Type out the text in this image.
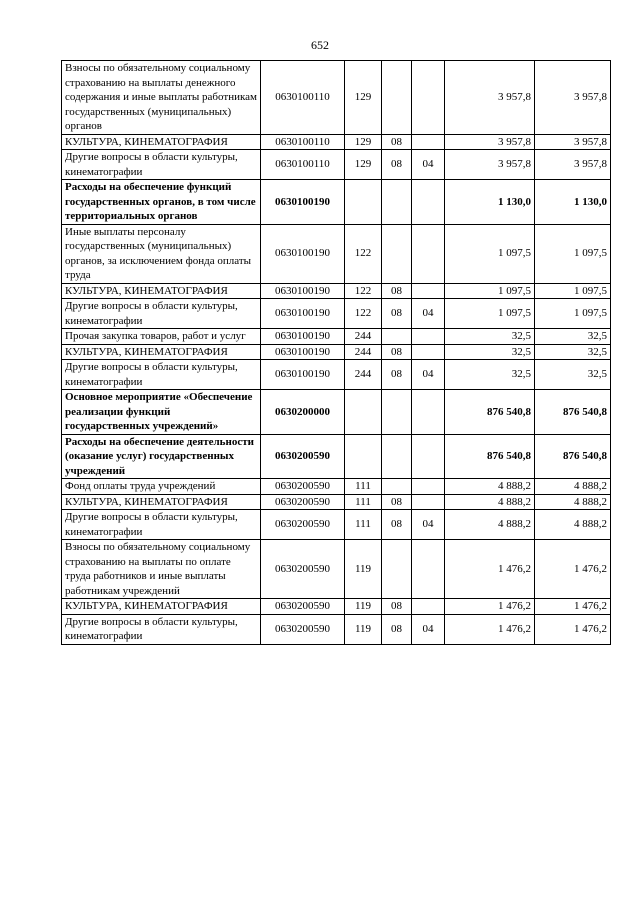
652
Взносы по обязательному социальному страхованию на выплаты денежного содержания и иные выплаты работникам государственных (муниципальных) органов	0630100110	129			3 957,8	3 957,8
КУЛЬТУРА, КИНЕМАТОГРАФИЯ	0630100110	129	08		3 957,8	3 957,8
Другие вопросы в области культуры, кинематографии	0630100110	129	08	04	3 957,8	3 957,8
Расходы на обеспечение функций государственных органов, в том числе территориальных органов	0630100190				1 130,0	1 130,0
Иные выплаты персоналу государственных (муниципальных) органов, за исключением фонда оплаты труда	0630100190	122			1 097,5	1 097,5
КУЛЬТУРА, КИНЕМАТОГРАФИЯ	0630100190	122	08		1 097,5	1 097,5
Другие вопросы в области культуры, кинематографии	0630100190	122	08	04	1 097,5	1 097,5
Прочая закупка товаров, работ и услуг	0630100190	244			32,5	32,5
КУЛЬТУРА, КИНЕМАТОГРАФИЯ	0630100190	244	08		32,5	32,5
Другие вопросы в области культуры, кинематографии	0630100190	244	08	04	32,5	32,5
Основное мероприятие «Обеспечение реализации функций государственных учреждений»	0630200000				876 540,8	876 540,8
Расходы на обеспечение деятельности (оказание услуг) государственных учреждений	0630200590				876 540,8	876 540,8
Фонд оплаты труда учреждений	0630200590	111			4 888,2	4 888,2
КУЛЬТУРА, КИНЕМАТОГРАФИЯ	0630200590	111	08		4 888,2	4 888,2
Другие вопросы в области культуры, кинематографии	0630200590	111	08	04	4 888,2	4 888,2
Взносы по обязательному социальному страхованию на выплаты по оплате труда работников и иные выплаты работникам учреждений	0630200590	119			1 476,2	1 476,2
КУЛЬТУРА, КИНЕМАТОГРАФИЯ	0630200590	119	08		1 476,2	1 476,2
Другие вопросы в области культуры, кинематографии	0630200590	119	08	04	1 476,2	1 476,2
